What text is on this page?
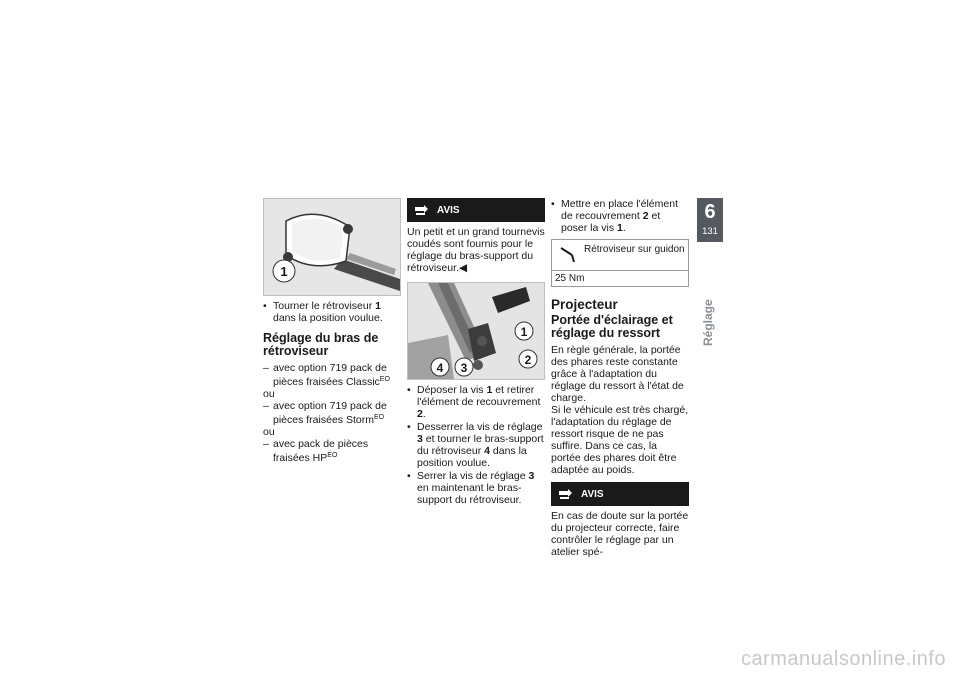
1

• Tourner le rétroviseur 1 dans la position voulue.

Réglage du bras de rétroviseur

– avec option 719 pack de pièces fraisées Classic$^{EO}$

ou

– avec option 719 pack de pièces fraisées Storm$^{EO}$

ou

– avec pack de pièces fraisées $HP^{EO}$

AVIS

Un petit et un grand tournevis coudés sont fournis pour le réglage du bras-support du rétroviseur.◀

1
2
3
4

• Déposer la vis 1 et retirer l'élément de recouvrement 2.

• Desserrer la vis de réglage 3 et tourner le bras-support du rétroviseur 4 dans la position voulue.

• Serrer la vis de réglage 3 en maintenant le bras-support du rétroviseur.

• Mettre en place l'élément de recouvrement 2 et poser la vis 1.

Rétroviseur sur guidon
25 Nm
Projecteur
Portée d'éclairage et réglage du ressort

En règle générale, la portée des phares reste constante grâce à l'adaptation du réglage du ressort à l'état de charge.

Si le véhicule est très chargé, l'adaptation du réglage de ressort risque de ne pas suffire. Dans ce cas, la portée des phares doit être adaptée au poids.

AVIS

En cas de doute sur la portée du projecteur correcte, faire contrôler le réglage par un atelier spé-

6
131
Réglage
carmanualsonline.info
